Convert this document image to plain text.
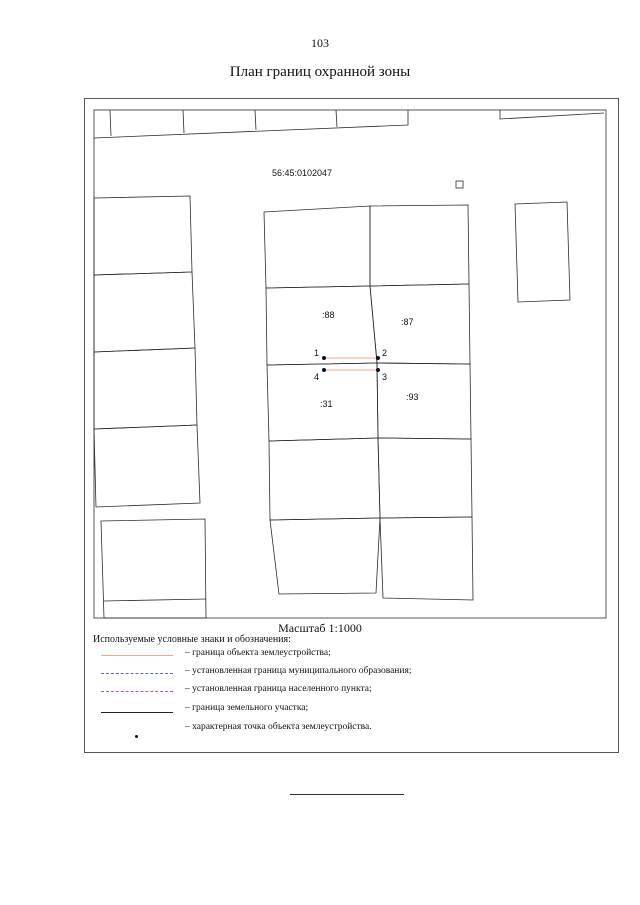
103
План границ охранной зоны
56:45:0102047
:88
:87
:31
:93
1	2
3
4
Масштаб 1:1000
Используемые условные знаки и обозначения:
– граница объекта землеустройства;
– установленная граница муниципального образования;
– установленная граница населенного пункта;
– граница земельного участка;
– характерная точка объекта землеустройства.
